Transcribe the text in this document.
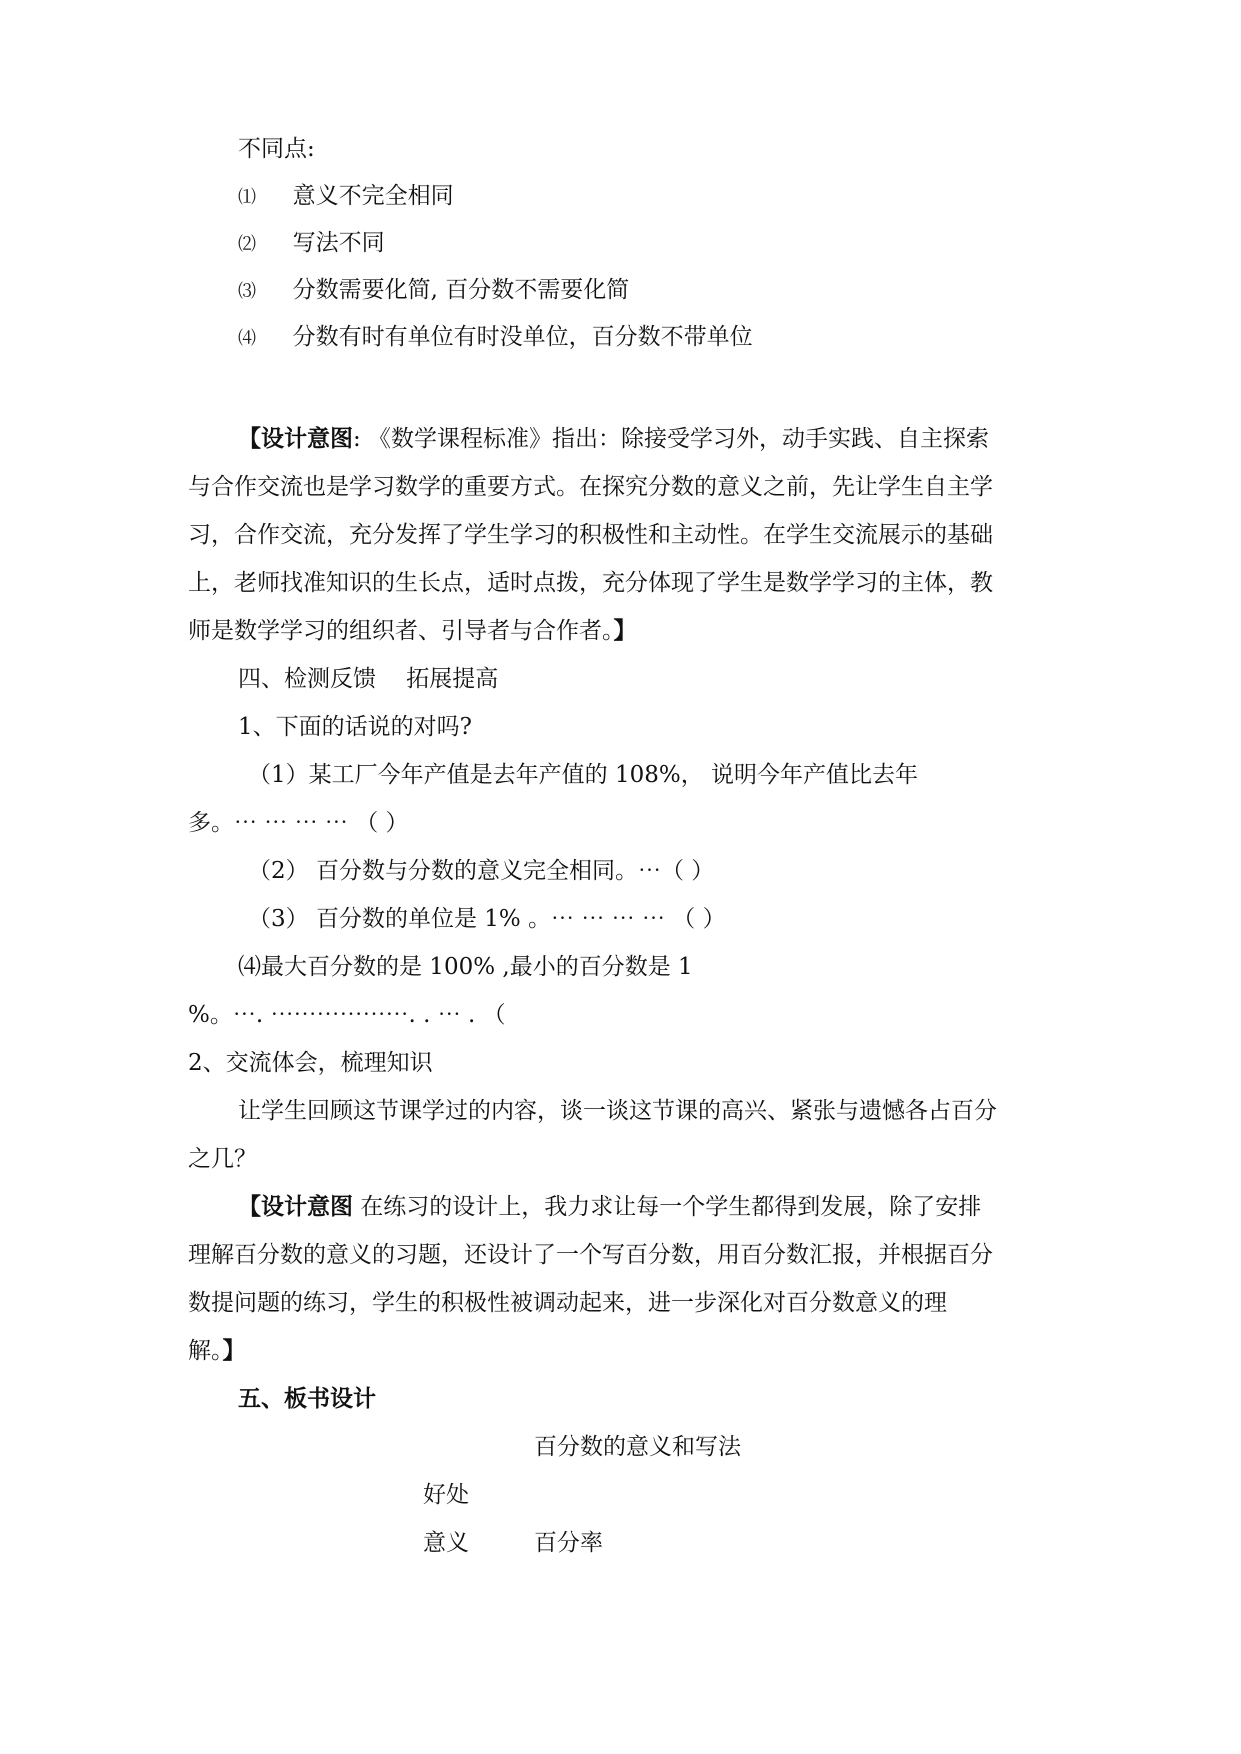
不同点:
⑴ 意义不完全相同
⑵ 写法不同
⑶ 分数需要化简, 百分数不需要化简
⑷ 分数有时有单位有时没单位，百分数不带单位
【设计意图: 《数学课程标准》指出：除接受学习外，动手实践、自主探索
与合作交流也是学习数学的重要方式。在探究分数的意义之前，先让学生自主学
习，合作交流，充分发挥了学生学习的积极性和主动性。在学生交流展示的基础
上，老师找准知识的生长点，适时点拨，充分体现了学生是数学学习的主体，教
师是数学学习的组织者、引导者与合作者。】
四、检测反馈　 拓展提高
1、下面的话说的对吗?
（1）某工厂今年产值是去年产值的 108%， 说明今年产值比去年
多。⋯ ⋯ ⋯ ⋯ （ ）
（2） 百分数与分数的意义完全相同。⋯（ ）
（3） 百分数的单位是 1% 。⋯ ⋯ ⋯ ⋯ （ ）
⑷最大百分数的是 100% ,最小的百分数是 1
%。⋯. ⋯⋯⋯⋯⋯⋯. . ⋯ . （
2、交流体会，梳理知识
让学生回顾这节课学过的内容，谈一谈这节课的高兴、紧张与遗憾各占百分
之几？
【设计意图 在练习的设计上，我力求让每一个学生都得到发展，除了安排
理解百分数的意义的习题，还设计了一个写百分数，用百分数汇报，并根据百分
数提问题的练习，学生的积极性被调动起来，进一步深化对百分数意义的理
解。】
五、板书设计
百分数的意义和写法
好处
意义	百分率
